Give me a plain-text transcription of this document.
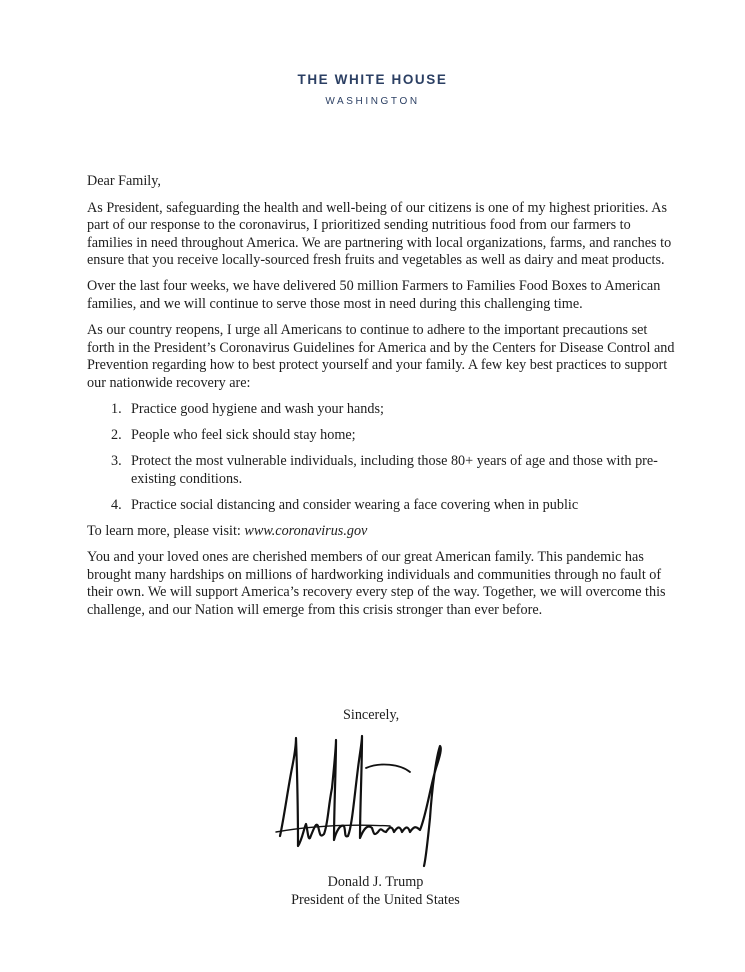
THE WHITE HOUSE
WASHINGTON

Dear Family,

As President, safeguarding the health and well-being of our citizens is one of my highest priorities. As part of our response to the coronavirus, I prioritized sending nutritious food from our farmers to families in need throughout America. We are partnering with local organizations, farms, and ranches to ensure that you receive locally-sourced fresh fruits and vegetables as well as dairy and meat products.

Over the last four weeks, we have delivered 50 million Farmers to Families Food Boxes to American families, and we will continue to serve those most in need during this challenging time.

As our country reopens, I urge all Americans to continue to adhere to the important precautions set forth in the President’s Coronavirus Guidelines for America and by the Centers for Disease Control and Prevention regarding how to best protect yourself and your family. A few key best practices to support our nationwide recovery are:

1. Practice good hygiene and wash your hands;
2. People who feel sick should stay home;
3. Protect the most vulnerable individuals, including those 80+ years of age and those with pre-existing conditions.
4. Practice social distancing and consider wearing a face covering when in public

To learn more, please visit: www.coronavirus.gov

You and your loved ones are cherished members of our great American family. This pandemic has brought many hardships on millions of hardworking individuals and communities through no fault of their own. We will support America’s recovery every step of the way. Together, we will overcome this challenge, and our Nation will emerge from this crisis stronger than ever before.

Sincerely,
Donald J. Trump
President of the United States
